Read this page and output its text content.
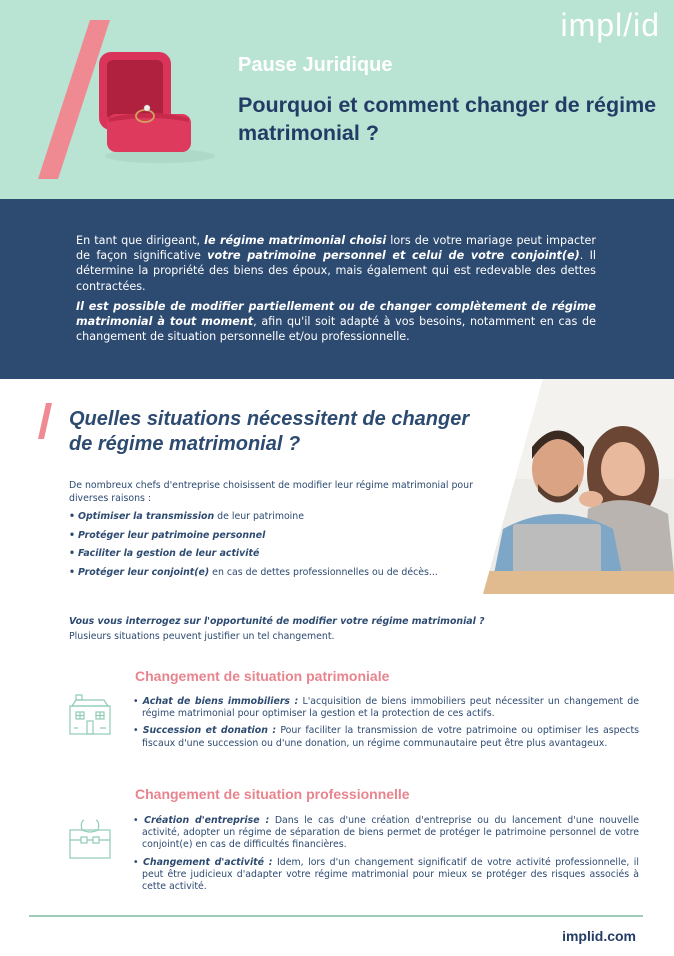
impl/id
Pause Juridique
Pourquoi et comment changer de régime matrimonial ?

En tant que dirigeant, le régime matrimonial choisi lors de votre mariage peut impacter de façon significative votre patrimoine personnel et celui de votre conjoint(e). Il détermine la propriété des biens des époux, mais également qui est redevable des dettes contractées.

Il est possible de modifier partiellement ou de changer complètement de régime matrimonial à tout moment, afin qu'il soit adapté à vos besoins, notamment en cas de changement de situation personnelle et/ou professionnelle.

Quelles situations nécessitent de changer de régime matrimonial ?

De nombreux chefs d'entreprise choisissent de modifier leur régime matrimonial pour diverses raisons :

• Optimiser la transmission de leur patrimoine
• Protéger leur patrimoine personnel
• Faciliter la gestion de leur activité
• Protéger leur conjoint(e) en cas de dettes professionnelles ou de décès...
Vous vous interrogez sur l'opportunité de modifier votre régime matrimonial ?
Plusieurs situations peuvent justifier un tel changement.
Changement de situation patrimoniale
• Achat de biens immobiliers : L'acquisition de biens immobiliers peut nécessiter un changement de régime matrimonial pour optimiser la gestion et la protection de ces actifs.
• Succession et donation : Pour faciliter la transmission de votre patrimoine ou optimiser les aspects fiscaux d'une succession ou d'une donation, un régime communautaire peut être plus avantageux.
Changement de situation professionnelle
• Création d'entreprise : Dans le cas d'une création d'entreprise ou du lancement d'une nouvelle activité, adopter un régime de séparation de biens permet de protéger le patrimoine personnel de votre conjoint(e) en cas de difficultés financières.
• Changement d'activité : Idem, lors d'un changement significatif de votre activité professionnelle, il peut être judicieux d'adapter votre régime matrimonial pour mieux se protéger des risques associés à cette activité.
implid.com
